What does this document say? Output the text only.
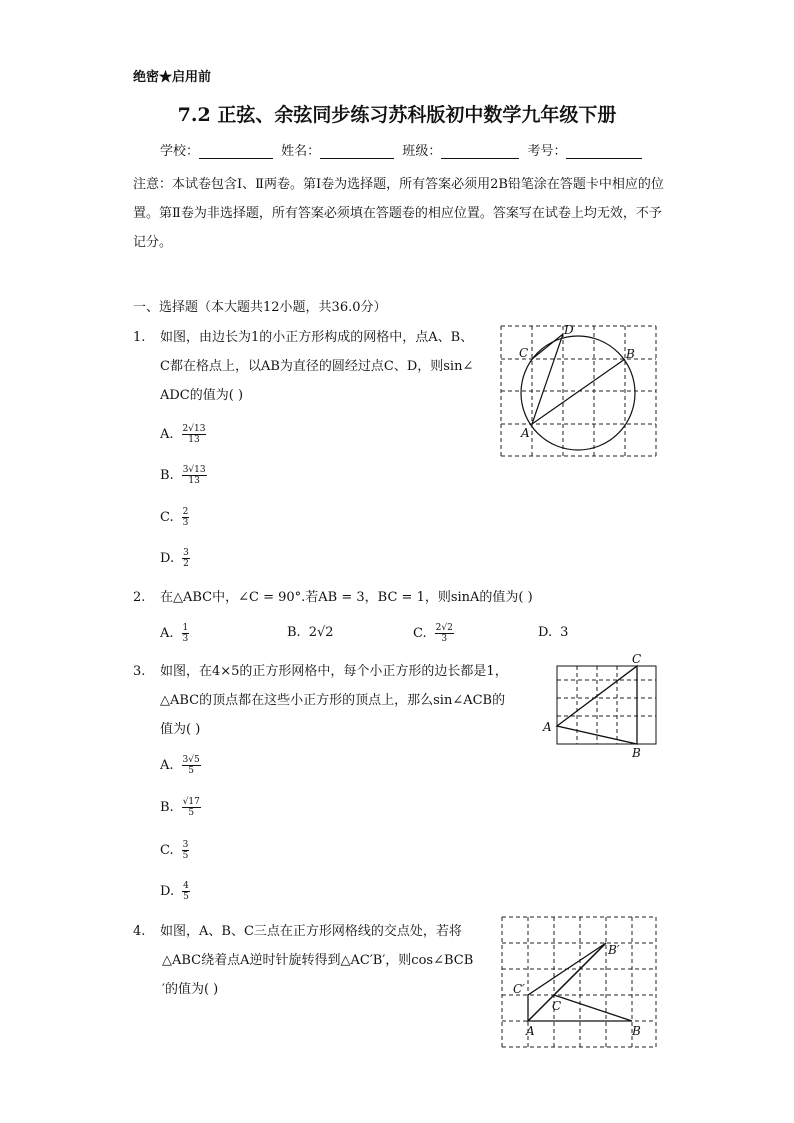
绝密★启用前
7.2 正弦、余弦同步练习苏科版初中数学九年级下册
学校：	姓名：	班级：	考号：
注意：本试卷包含Ⅰ、Ⅱ两卷。第Ⅰ卷为选择题，所有答案必须用2B铅笔涂在答题卡中相应的位置。第Ⅱ卷为非选择题，所有答案必须填在答题卷的相应位置。答案写在试卷上均无效，不予记分。
一、选择题（本大题共12小题，共36.0分）
1. 如图，由边长为1的小正方形构成的网格中，点A、B、
C都在格点上，以AB为直径的圆经过点C、D，则sin∠
ADC的值为( )
A. $\frac{2√13}{13}$
B. $\frac{3√13}{13}$
C. $\frac{2}{3}$
D. $\frac{3}{2}$
C
D
B
A
2. 在△ABC中，∠C = 90°.若AB = 3，BC = 1，则sinA的值为( )
A. $\frac{1}{3}$	B. 2√2	C. $\frac{2√2}{3}$	D. 3
3. 如图，在4×5的正方形网格中，每个小正方形的边长都是1，
△ABC的顶点都在这些小正方形的顶点上，那么sin∠ACB的
值为( )
A. $\frac{3√5}{5}$
B. $\frac{√17}{5}$
C. $\frac{3}{5}$
D. $\frac{4}{5}$
C
A
B
4. 如图，A、B、C三点在正方形网格线的交点处，若将
△ABC绕着点A逆时针旋转得到△AC′B′，则cos∠BCB
′的值为( )
B′
C′
C
A	B
